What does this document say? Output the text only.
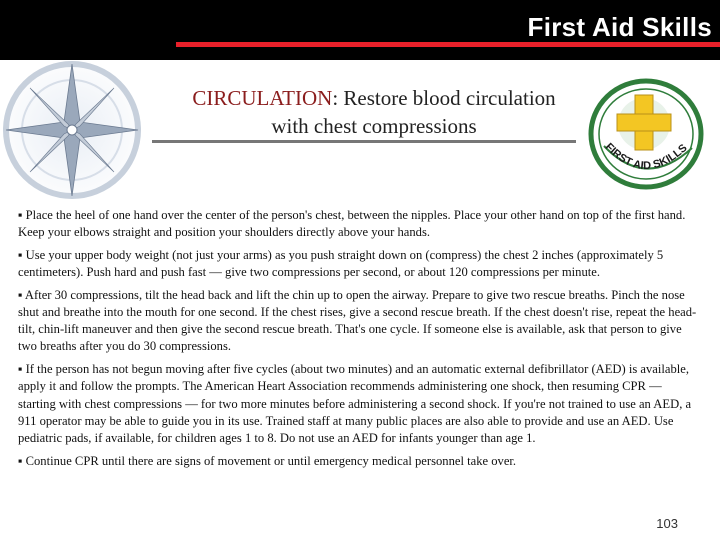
First Aid Skills
CIRCULATION: Restore blood circulation with chest compressions
FIRST AID SKILLS

▪ Place the heel of one hand over the center of the person's chest, between the nipples. Place your other hand on top of the first hand. Keep your elbows straight and position your shoulders directly above your hands.

▪ Use your upper body weight (not just your arms) as you push straight down on (compress) the chest 2 inches (approximately 5 centimeters). Push hard and push fast — give two compressions per second, or about 120 compressions per minute.

▪ After 30 compressions, tilt the head back and lift the chin up to open the airway. Prepare to give two rescue breaths. Pinch the nose shut and breathe into the mouth for one second. If the chest rises, give a second rescue breath. If the chest doesn't rise, repeat the head-tilt, chin-lift maneuver and then give the second rescue breath. That's one cycle. If someone else is available, ask that person to give two breaths after you do 30 compressions.

▪ If the person has not begun moving after five cycles (about two minutes) and an automatic external defibrillator (AED) is available, apply it and follow the prompts. The American Heart Association recommends administering one shock, then resuming CPR — starting with chest compressions — for two more minutes before administering a second shock. If you're not trained to use an AED, a 911 operator may be able to guide you in its use. Trained staff at many public places are also able to provide and use an AED. Use pediatric pads, if available, for children ages 1 to 8. Do not use an AED for infants younger than age 1.

▪ Continue CPR until there are signs of movement or until emergency medical personnel take over.

103
